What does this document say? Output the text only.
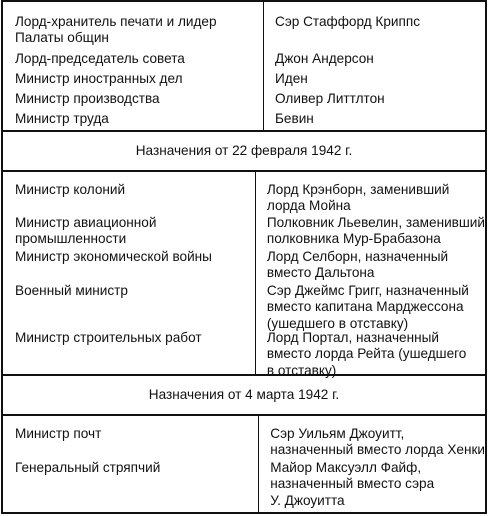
Лорд-хранитель печати и лидер
Палаты общин
Лорд-председатель совета
Министр иностранных дел
Министр производства
Министр труда
Сэр Стаффорд Криппс
Джон Андерсон
Иден
Оливер Литтлтон
Бевин
Назначения от 22 февраля 1942 г.
Министр колоний
Министр авиационной
промышленности
Министр экономической войны
Военный министр
Министр строительных работ
Лорд Крэнборн, заменивший
лорда Мойна
Полковник Льевелин, заменивший
полковника Мур-Брабазона
Лорд Селборн, назначенный
вместо Дальтона
Сэр Джеймс Григг, назначенный
вместо капитана Марджессона
(ушедшего в отставку)
Лорд Портал, назначенный
вместо лорда Рейта (ушедшего
в отставку)
Назначения от 4 марта 1942 г.
Министр почт
Генеральный стряпчий
Сэр Уильям Джоуитт,
назначенный вместо лорда Хенки
Майор Максуэлл Файф,
назначенный вместо сэра
У. Джоуитта
